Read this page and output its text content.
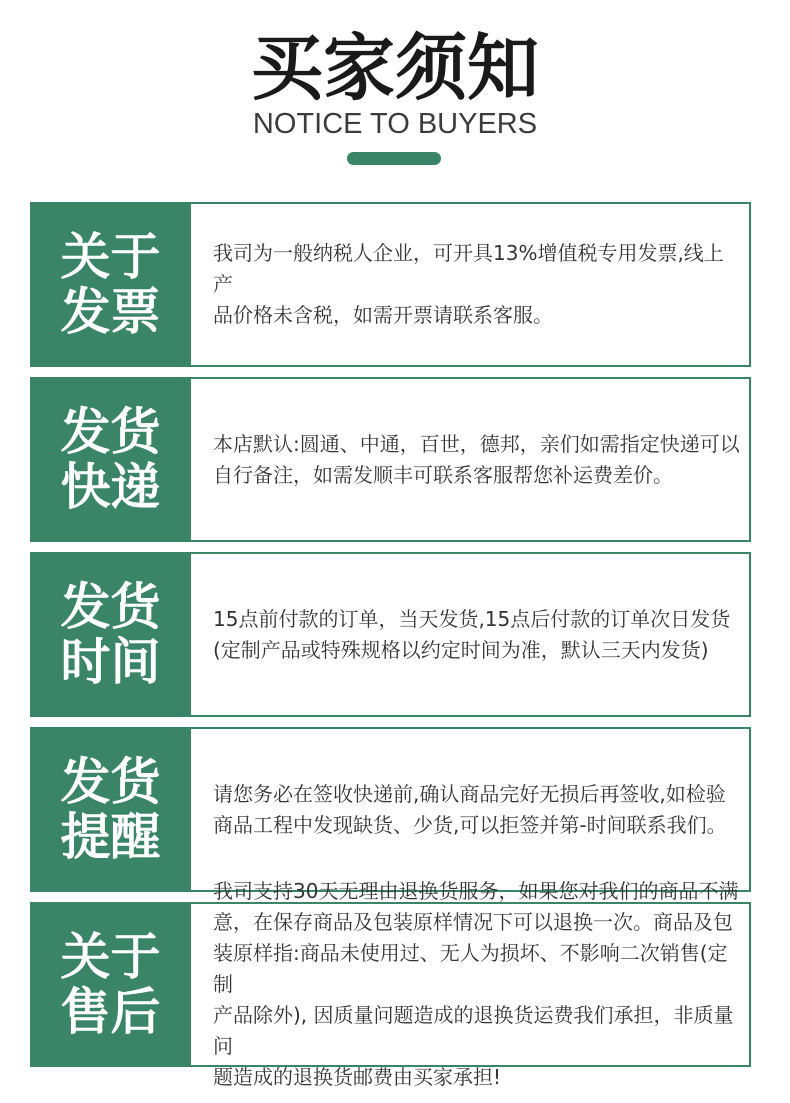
买家须知
NOTICE TO BUYERS
关于
发票
我司为一般纳税人企业，可开具13%增值税专用发票,线上产
品价格未含税，如需开票请联系客服。
发货
快递
本店默认:圆通、中通，百世，德邦，亲们如需指定快递可以
自行备注，如需发顺丰可联系客服帮您补运费差价。
发货
时间
15点前付款的订单，当天发货,15点后付款的订单次日发货
(定制产品或特殊规格以约定时间为准，默认三天内发货)
发货
提醒
请您务必在签收快递前,确认商品完好无损后再签收,如检验
商品工程中发现缺货、少货,可以拒签并第-时间联系我们。
关于
售后
我司支持30天无理由退换货服务，如果您对我们的商品不满
意，在保存商品及包装原样情况下可以退换一次。商品及包
装原样指:商品未使用过、无人为损坏、不影响二次销售(定制
产品除外), 因质量问题造成的退换货运费我们承担，非质量问
题造成的退换货邮费由买家承担!
